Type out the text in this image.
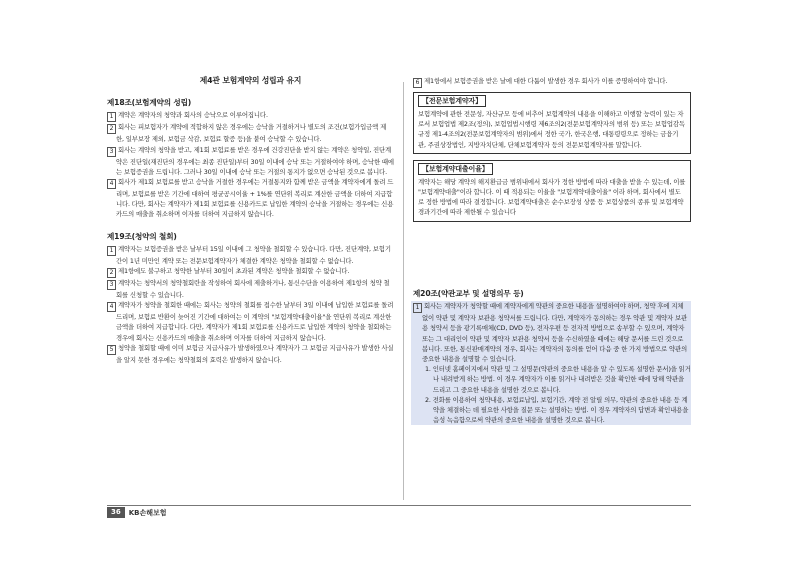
제4관 보험계약의 성립과 유지
제18조(보험계약의 성립)

1 계약은 계약자의 청약과 회사의 승낙으로 이루어집니다.

2 회사는 피보험자가 계약에 적합하지 않은 경우에는 승낙을 거절하거나 별도의 조건(보험가입금액 제한, 일부보장 제외, 보험금 삭감, 보험료 할증 등)을 붙여 승낙할 수 있습니다.

3 회사는 계약의 청약을 받고, 제1회 보험료를 받은 경우에 건강진단을 받지 않는 계약은 청약일, 진단계약은 진단일(재진단의 경우에는 최종 진단일)부터 30일 이내에 승낙 또는 거절하여야 하며, 승낙한 때에는 보험증권을 드립니다. 그러나 30일 이내에 승낙 또는 거절의 통지가 없으면 승낙된 것으로 봅니다.

4 회사가 제1회 보험료를 받고 승낙을 거절한 경우에는 거절통지와 함께 받은 금액을 계약자에게 돌려 드리며, 보험료를 받은 기간에 대하여 평균공시이율 + 1%를 연단위 복리로 계산한 금액을 더하여 지급합니다. 다만, 회사는 계약자가 제1회 보험료를 신용카드로 납입한 계약의 승낙을 거절하는 경우에는 신용카드의 매출을 취소하며 이자를 더하여 지급하지 않습니다.

제19조(청약의 철회)

1 계약자는 보험증권을 받은 날부터 15일 이내에 그 청약을 철회할 수 있습니다. 다만, 진단계약, 보험기간이 1년 미만인 계약 또는 전문보험계약자가 체결한 계약은 청약을 철회할 수 없습니다.

2 제1항에도 불구하고 청약한 날부터 30일이 초과된 계약은 청약을 철회할 수 없습니다.

3 계약자는 청약서의 청약철회란을 작성하여 회사에 제출하거나, 통신수단을 이용하여 제1항의 청약 철회를 신청할 수 있습니다.

4 계약자가 청약을 철회한 때에는 회사는 청약의 철회를 접수한 날부터 3일 이내에 납입한 보험료를 돌려드리며, 보험료 반환이 늦어진 기간에 대하여는 이 계약의 "보험계약대출이율"을 연단위 복리로 계산한 금액을 더하여 지급합니다. 다만, 계약자가 제1회 보험료를 신용카드로 납입한 계약의 청약을 철회하는 경우에 회사는 신용카드의 매출을 취소하며 이자를 더하여 지급하지 않습니다.

5 청약을 철회할 때에 이미 보험금 지급사유가 발생하였으나 계약자가 그 보험금 지급사유가 발생한 사실을 알지 못한 경우에는 청약철회의 효력은 발생하지 않습니다.

6 제1항에서 보험증권을 받은 날에 대한 다툼이 발생한 경우 회사가 이를 증명하여야 합니다.

【전문보험계약자】
보험계약에 관한 전문성, 자산규모 등에 비추어 보험계약의 내용을 이해하고 이행할 능력이 있는 자로서 보험업법 제2조(정의), 보험업법시행령 제6조의2(전문보험계약자의 범위 등) 또는 보험업감독규정 제1-4조의2(전문보험계약자의 범위)에서 정한 국가, 한국은행, 대통령령으로 정하는 금융기관, 주권상장법인, 지방자치단체, 단체보험계약자 등의 전문보험계약자를 말합니다.
【보험계약대출이율】
계약자는 해당 계약의 해지환급금 범위내에서 회사가 정한 방법에 따라 대출을 받을 수 있는데, 이를 "보험계약대출"이라 합니다. 이 때 적용되는 이율을 "보험계약대출이율" 이라 하며, 회사에서 별도로 정한 방법에 따라 결정합니다. 보험계약대출은 순수보장성 상품 등 보험상품의 종류 및 보험계약 경과기간에 따라 제한될 수 있습니다
제20조(약관교부 및 설명의무 등)

1 회사는 계약자가 청약할 때에 계약자에게 약관의 중요한 내용을 설명하여야 하며, 청약 후에 지체 없이 약관 및 계약자 보관용 청약서를 드립니다. 다만, 계약자가 동의하는 경우 약관 및 계약자 보관용 청약서 등을 광기록매체(CD, DVD 등), 전자우편 등 전자적 방법으로 송부할 수 있으며, 계약자 또는 그 대리인이 약관 및 계약자 보관용 청약서 등을 수신하였을 때에는 해당 문서를 드린 것으로 봅니다. 또한, 통신판매계약의 경우, 회사는 계약자의 동의를 얻어 다음 중 한 가지 방법으로 약관의 중요한 내용을 설명할 수 있습니다.

1. 인터넷 홈페이지에서 약관 및 그 설명문(약관의 중요한 내용을 알 수 있도록 설명한 문서)을 읽거나 내려받게 하는 방법. 이 경우 계약자가 이를 읽거나 내려받은 것을 확인한 때에 당해 약관을 드리고 그 중요한 내용을 설명한 것으로 봅니다.

2. 전화를 이용하여 청약내용, 보험료납입, 보험기간, 계약 전 알릴 의무, 약관의 중요한 내용 등 계약을 체결하는 데 필요한 사항을 질문 또는 설명하는 방법. 이 경우 계약자의 답변과 확인내용을 음성 녹음함으로써 약관의 중요한 내용을 설명한 것으로 봅니다.

36	KB손해보험
